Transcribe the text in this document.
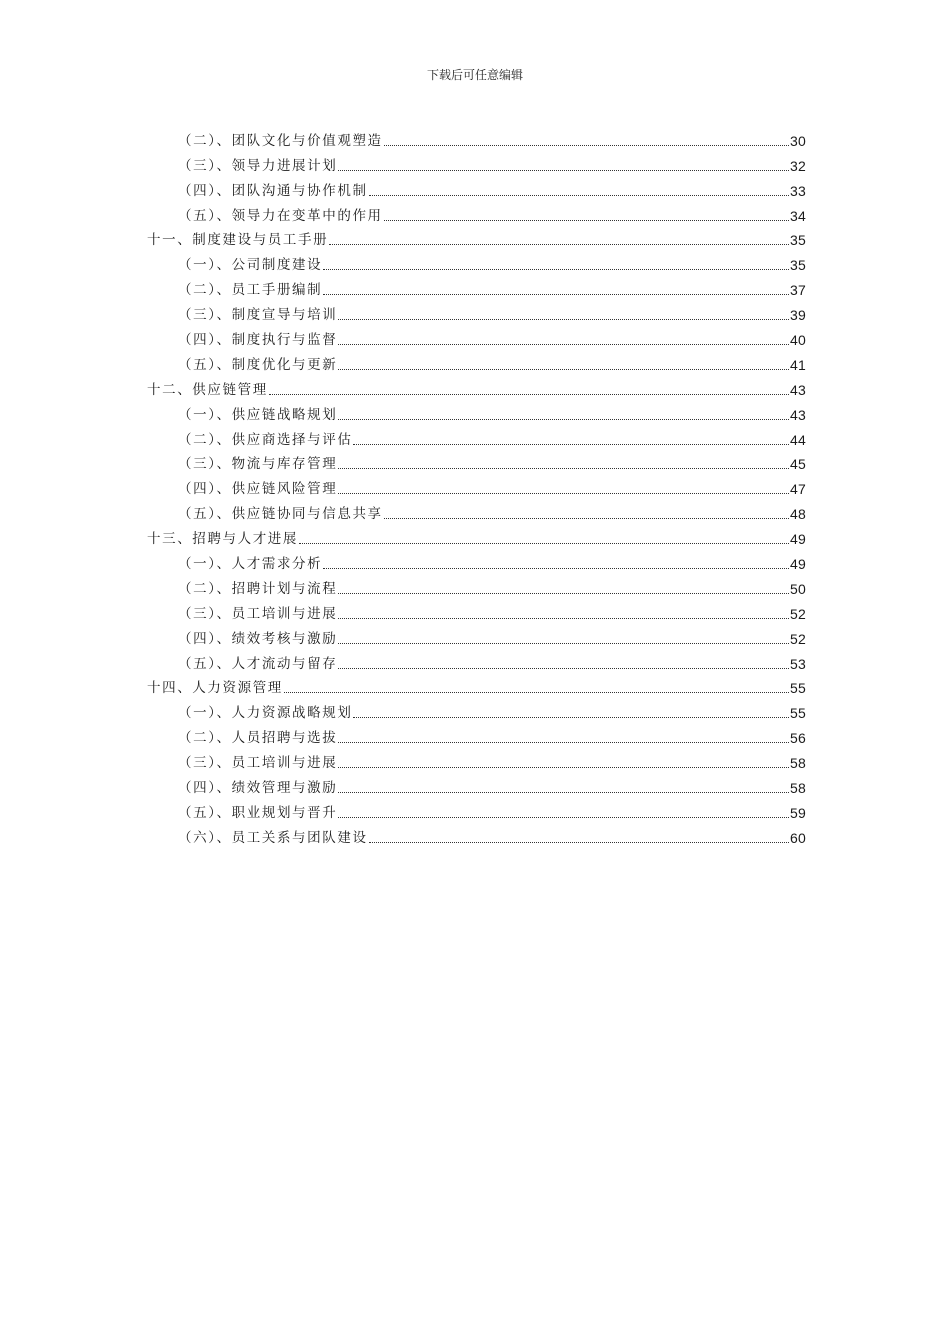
下载后可任意编辑
（二）、团队文化与价值观塑造	30
（三）、领导力进展计划	32
（四）、团队沟通与协作机制	33
（五）、领导力在变革中的作用	34
十一、制度建设与员工手册	35
（一）、公司制度建设	35
（二）、员工手册编制	37
（三）、制度宣导与培训	39
（四）、制度执行与监督	40
（五）、制度优化与更新	41
十二、供应链管理	43
（一）、供应链战略规划	43
（二）、供应商选择与评估	44
（三）、物流与库存管理	45
（四）、供应链风险管理	47
（五）、供应链协同与信息共享	48
十三、招聘与人才进展	49
（一）、人才需求分析	49
（二）、招聘计划与流程	50
（三）、员工培训与进展	52
（四）、绩效考核与激励	52
（五）、人才流动与留存	53
十四、人力资源管理	55
（一）、人力资源战略规划	55
（二）、人员招聘与选拔	56
（三）、员工培训与进展	58
（四）、绩效管理与激励	58
（五）、职业规划与晋升	59
（六）、员工关系与团队建设	60
